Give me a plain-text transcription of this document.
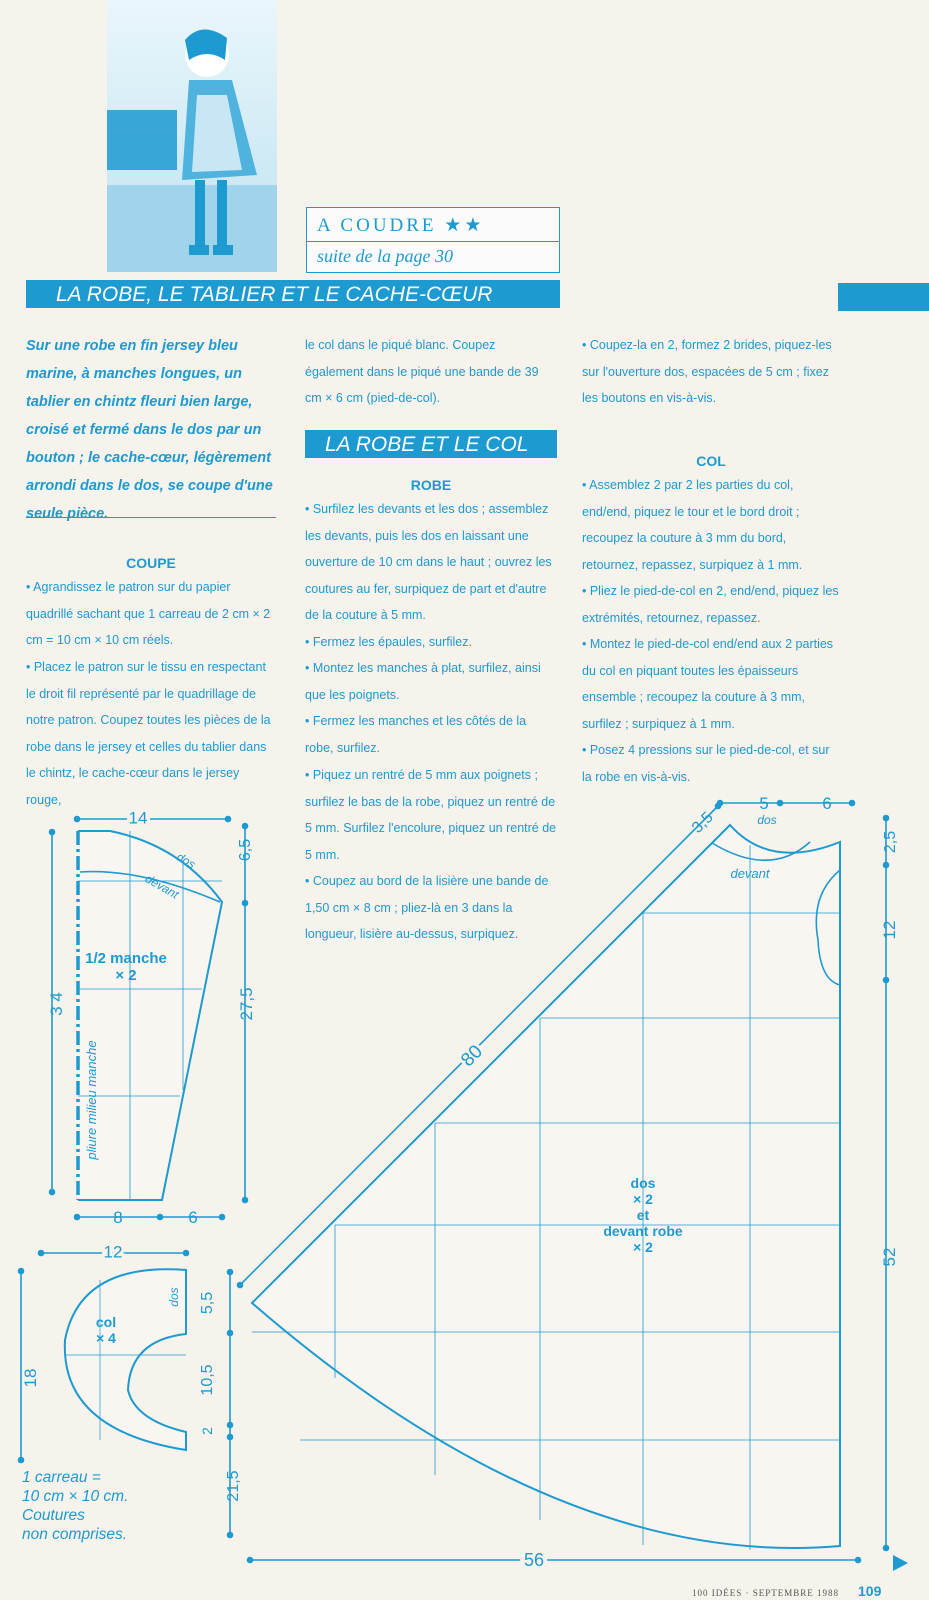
A COUDRE ★★
suite de la page 30
LA ROBE, LE TABLIER ET LE CACHE-CŒUR
Sur une robe en fin jersey bleu marine, à manches longues, un tablier en chintz fleuri bien large, croisé et fermé dans le dos par un bouton ; le cache-cœur, légèrement arrondi dans le dos, se coupe d'une seule pièce.
COUPE
• Agrandissez le patron sur du papier quadrillé sachant que 1 carreau de 2 cm × 2 cm = 10 cm × 10 cm réels.
• Placez le patron sur le tissu en respectant le droit fil représenté par le quadrillage de notre patron. Coupez toutes les pièces de la robe dans le jersey et celles du tablier dans le chintz, le cache-cœur dans le jersey rouge,
le col dans le piqué blanc. Coupez également dans le piqué une bande de 39 cm × 6 cm (pied-de-col).
LA ROBE ET LE COL
ROBE
• Surfilez les devants et les dos ; assemblez les devants, puis les dos en laissant une ouverture de 10 cm dans le haut ; ouvrez les coutures au fer, surpiquez de part et d'autre de la couture à 5 mm.
• Fermez les épaules, surfilez.
• Montez les manches à plat, surfilez, ainsi que les poignets.
• Fermez les manches et les côtés de la robe, surfilez.
• Piquez un rentré de 5 mm aux poignets ; surfilez le bas de la robe, piquez un rentré de 5 mm. Surfilez l'encolure, piquez un rentré de 5 mm.
• Coupez au bord de la lisière une bande de 1,50 cm × 8 cm ; pliez-là en 3 dans la longueur, lisière au-dessus, surpiquez.
• Coupez-la en 2, formez 2 brides, piquez-les sur l'ouverture dos, espacées de 5 cm ; fixez les boutons en vis-à-vis.
COL
• Assemblez 2 par 2 les parties du col, end/end, piquez le tour et le bord droit ; recoupez la couture à 3 mm du bord, retournez, repassez, surpiquez à 1 mm.
• Pliez le pied-de-col en 2, end/end, piquez les extrémités, retournez, repassez.
• Montez le pied-de-col end/end aux 2 parties du col en piquant toutes les épaisseurs ensemble ; recoupez la couture à 3 mm, surfilez ; surpiquez à 1 mm.
• Posez 4 pressions sur le pied-de-col, et sur la robe en vis-à-vis.
14
6,5
3 4	27,5
8	6
dos
devant
1/2 manche
× 2
pliure milieu manche
12
18
dos
col
× 4
5	6
3,5
80
2,5
12
52
56
5,5
10,5
2
21,5
dos
devant
dos
× 2
et
devant robe
× 2
1 carreau =
10 cm × 10 cm.
Coutures
non comprises.
100 IDÉES · SEPTEMBRE 1988 109
